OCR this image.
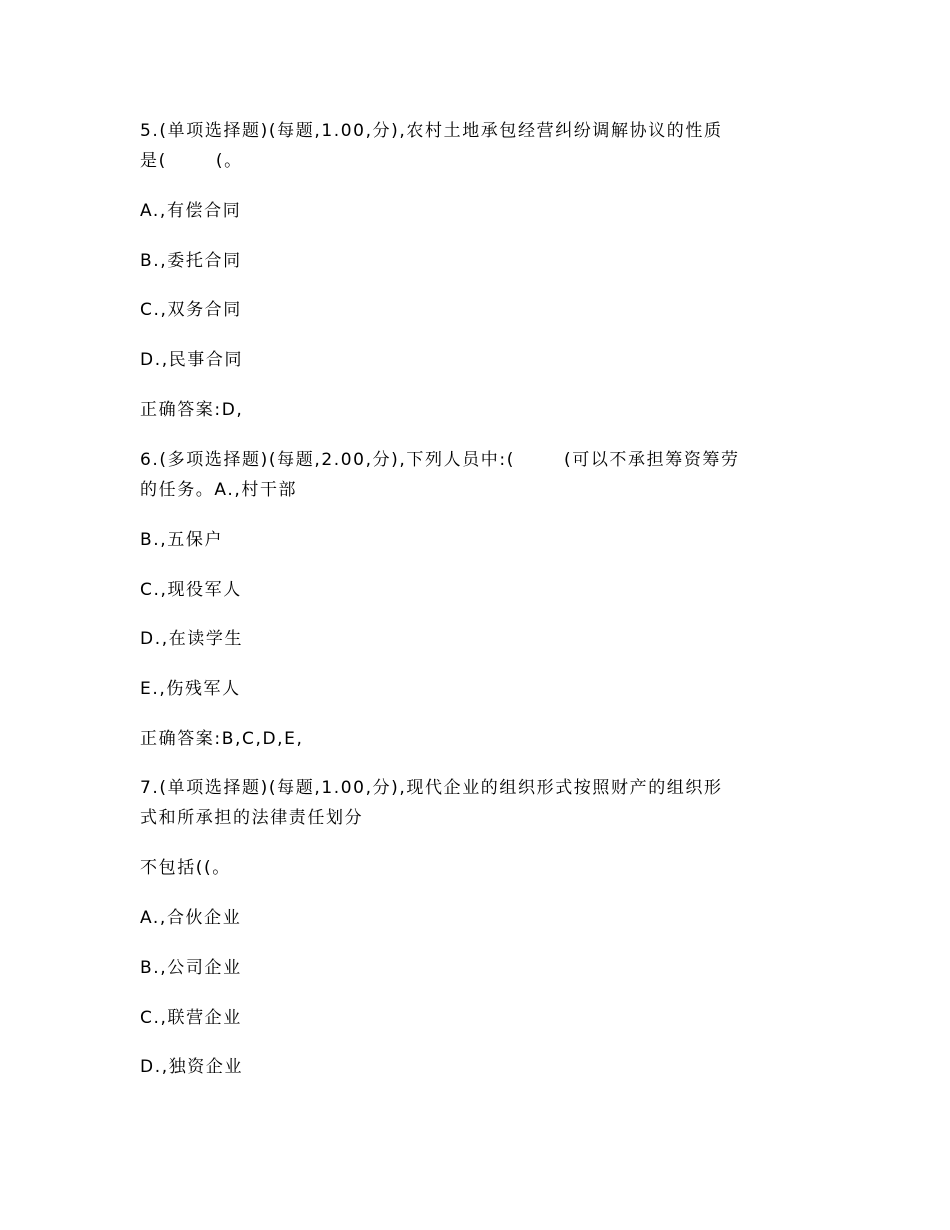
5.(单项选择题)(每题,1.00,分),农村土地承包经营纠纷调解协议的性质
是(       (。
A.,有偿合同
B.,委托合同
C.,双务合同
D.,民事合同
正确答案:D,
6.(多项选择题)(每题,2.00,分),下列人员中:(       (可以不承担筹资筹劳
的任务。A.,村干部
B.,五保户
C.,现役军人
D.,在读学生
E.,伤残军人
正确答案:B,C,D,E,
7.(单项选择题)(每题,1.00,分),现代企业的组织形式按照财产的组织形
式和所承担的法律责任划分
不包括((。
A.,合伙企业
B.,公司企业
C.,联营企业
D.,独资企业
